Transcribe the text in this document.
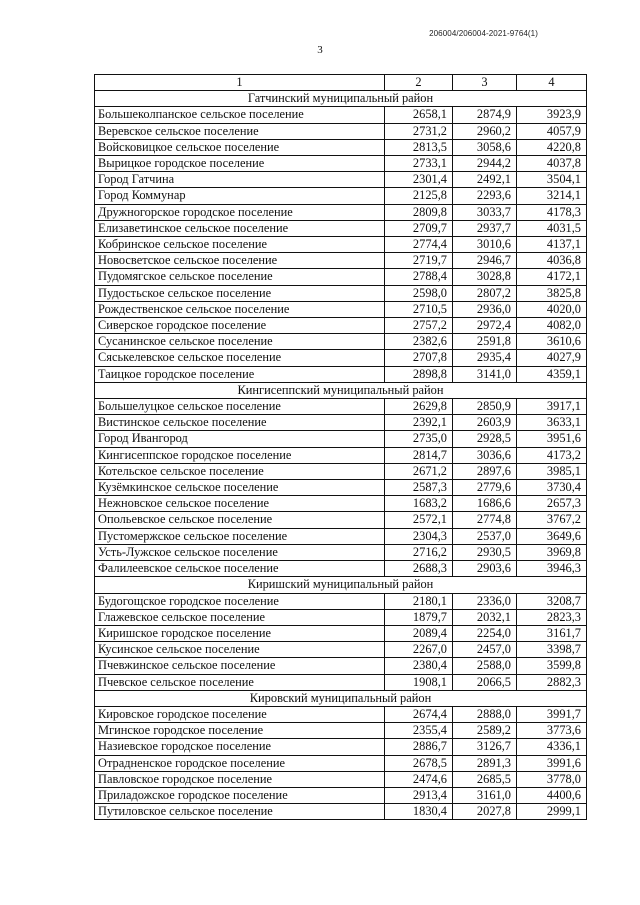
206004/206004-2021-9764(1)
3
1	2	3	4
Гатчинский муниципальный район			
Большеколпанское сельское поселение	2658,1	2874,9	3923,9
Веревское сельское поселение	2731,2	2960,2	4057,9
Войсковицкое сельское поселение	2813,5	3058,6	4220,8
Вырицкое городское поселение	2733,1	2944,2	4037,8
Город Гатчина	2301,4	2492,1	3504,1
Город Коммунар	2125,8	2293,6	3214,1
Дружногорское городское поселение	2809,8	3033,7	4178,3
Елизаветинское сельское поселение	2709,7	2937,7	4031,5
Кобринское сельское поселение	2774,4	3010,6	4137,1
Новосветское сельское поселение	2719,7	2946,7	4036,8
Пудомягское сельское поселение	2788,4	3028,8	4172,1
Пудостьское сельское поселение	2598,0	2807,2	3825,8
Рождественское сельское поселение	2710,5	2936,0	4020,0
Сиверское городское поселение	2757,2	2972,4	4082,0
Сусанинское сельское поселение	2382,6	2591,8	3610,6
Сяськелевское сельское поселение	2707,8	2935,4	4027,9
Таицкое городское поселение	2898,8	3141,0	4359,1
Кингисеппский муниципальный район			
Большелуцкое сельское поселение	2629,8	2850,9	3917,1
Вистинское сельское поселение	2392,1	2603,9	3633,1
Город Ивангород	2735,0	2928,5	3951,6
Кингисеппское городское поселение	2814,7	3036,6	4173,2
Котельское сельское поселение	2671,2	2897,6	3985,1
Кузёмкинское сельское поселение	2587,3	2779,6	3730,4
Нежновское сельское поселение	1683,2	1686,6	2657,3
Опольевское сельское поселение	2572,1	2774,8	3767,2
Пустомержское сельское поселение	2304,3	2537,0	3649,6
Усть-Лужское сельское поселение	2716,2	2930,5	3969,8
Фалилеевское сельское поселение	2688,3	2903,6	3946,3
Киришский муниципальный район			
Будогощское городское поселение	2180,1	2336,0	3208,7
Глажевское сельское поселение	1879,7	2032,1	2823,3
Киришское городское поселение	2089,4	2254,0	3161,7
Кусинское сельское поселение	2267,0	2457,0	3398,7
Пчевжинское сельское поселение	2380,4	2588,0	3599,8
Пчевское сельское поселение	1908,1	2066,5	2882,3
Кировский муниципальный район			
Кировское городское поселение	2674,4	2888,0	3991,7
Мгинское городское поселение	2355,4	2589,2	3773,6
Назиевское городское поселение	2886,7	3126,7	4336,1
Отрадненское городское поселение	2678,5	2891,3	3991,6
Павловское городское поселение	2474,6	2685,5	3778,0
Приладожское городское поселение	2913,4	3161,0	4400,6
Путиловское сельское поселение	1830,4	2027,8	2999,1
